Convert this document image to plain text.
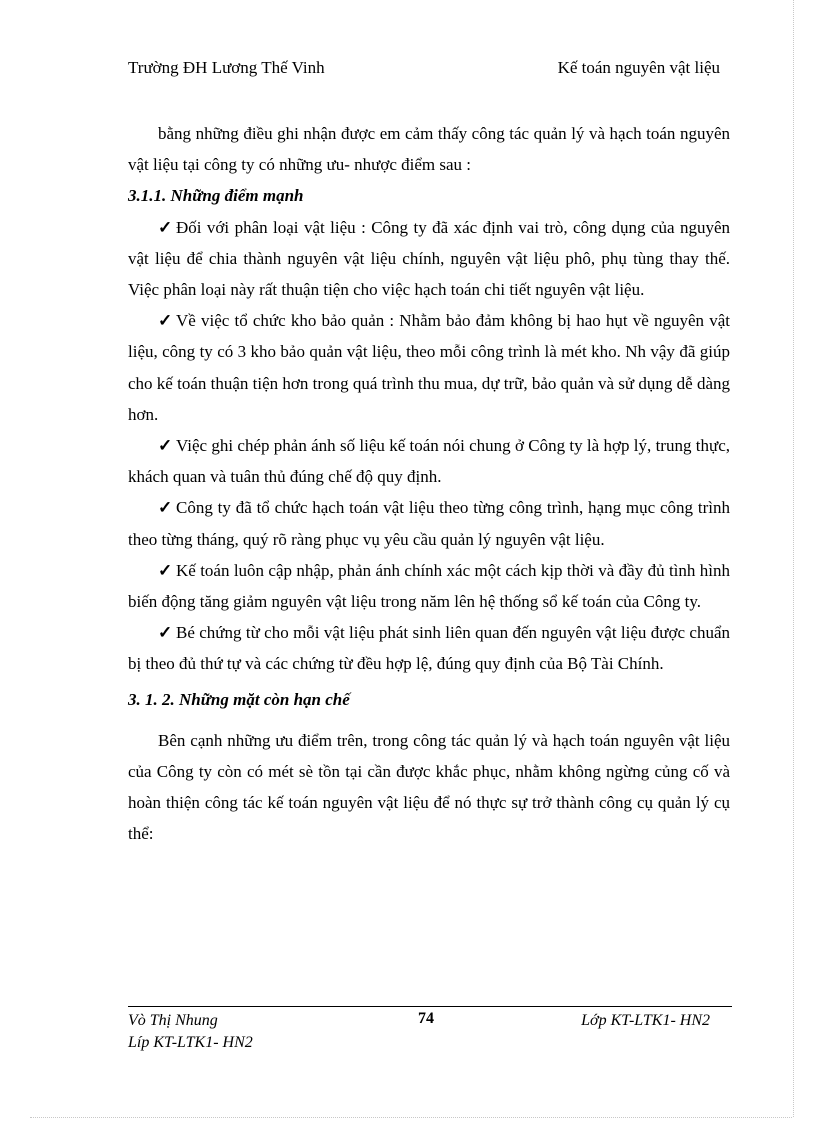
Trường ĐH Lương Thế Vinh	Kế toán nguyên vật liệu

bằng những điều ghi nhận được em cảm thấy công tác quản lý và hạch toán nguyên vật liệu tại công ty có những ưu- nhược điểm sau :

3.1.1. Những điểm mạnh

✓ Đối với phân loại vật liệu : Công ty đã xác định vai trò, công dụng của nguyên vật liệu để chia thành nguyên vật liệu chính, nguyên vật liệu phô, phụ tùng thay thế. Việc phân loại này rất thuận tiện cho việc hạch toán chi tiết nguyên vật liệu.

✓ Về việc tổ chức kho bảo quản : Nhằm bảo đảm không bị hao hụt về nguyên vật liệu, công ty có 3 kho bảo quản vật liệu, theo mỗi công trình là mét kho. Nh vậy đã giúp cho kế toán thuận tiện hơn trong quá trình thu mua, dự trữ, bảo quản và sử dụng dễ dàng hơn.

✓ Việc ghi chép phản ánh số liệu kế toán nói chung ở Công ty là hợp lý, trung thực, khách quan và tuân thủ đúng chế độ quy định.

✓ Công ty đã tổ chức hạch toán vật liệu theo từng công trình, hạng mục công trình theo từng tháng, quý rõ ràng phục vụ yêu cầu quản lý nguyên vật liệu.

✓ Kế toán luôn cập nhập, phản ánh chính xác một cách kịp thời và đầy đủ tình hình biến động tăng giảm nguyên vật liệu trong năm lên hệ thống sổ kế toán của Công ty.

✓ Bé chứng từ cho mỗi vật liệu phát sinh liên quan đến nguyên vật liệu được chuẩn bị theo đủ thứ tự và các chứng từ đều hợp lệ, đúng quy định của Bộ Tài Chính.

3. 1. 2. Những mặt còn hạn chế

Bên cạnh những ưu điểm trên, trong công tác quản lý và hạch toán nguyên vật liệu của Công ty còn có mét sè tồn tại cần được khắc phục, nhằm không ngừng củng cố và hoàn thiện công tác kế toán nguyên vật liệu để nó thực sự trở thành công cụ quản lý cụ thể:

Vò Thị Nhung
Líp KT-LTK1- HN2
74	Lớp KT-LTK1- HN2
